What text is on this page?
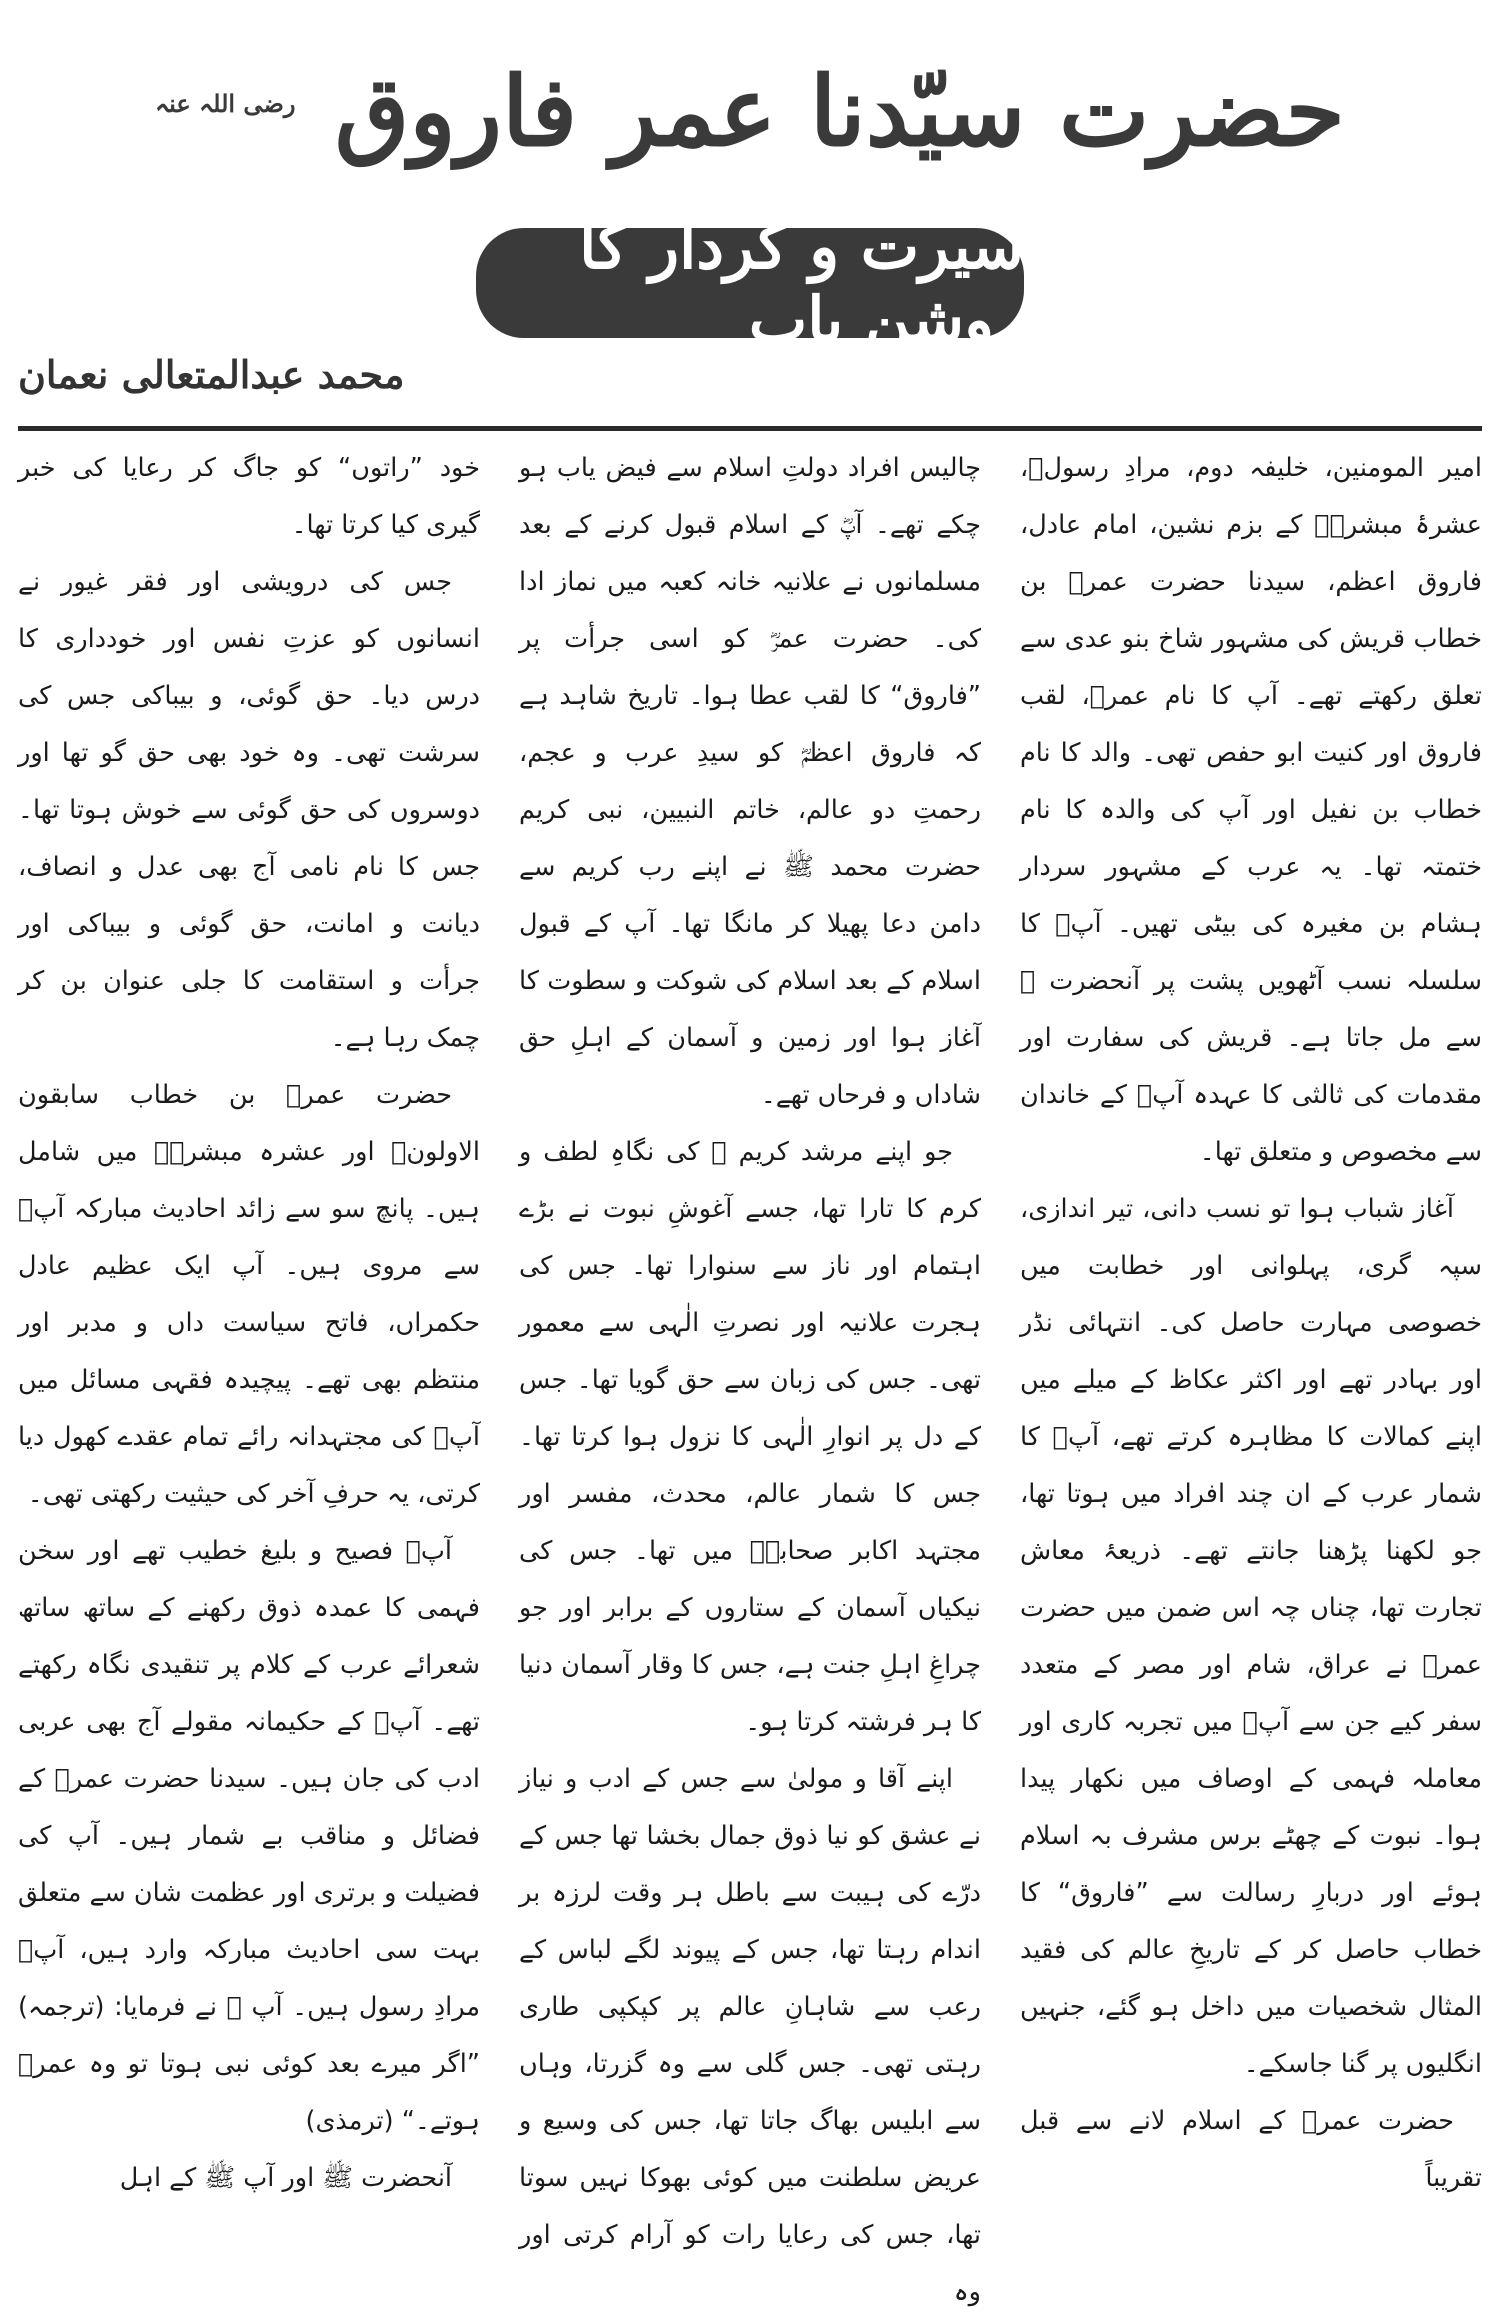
حضرت سیّدنا عمر فاروق $^{رضی اللہ عنہ}$
سیرت و کردار کا روشن باب
محمد عبدالمتعالی نعمان

امیر المومنین، خلیفہ دوم، مرادِ رسولؐ، عشرۂ مبشرہؓ کے بزم نشین، امام عادل، فاروق اعظم، سیدنا حضرت عمرؓ بن خطاب قریش کی مشہور شاخ بنو عدی سے تعلق رکھتے تھے۔ آپ کا نام عمرؓ، لقب فاروق اور کنیت ابو حفص تھی۔ والد کا نام خطاب بن نفیل اور آپ کی والدہ کا نام ختمتہ تھا۔ یہ عرب کے مشہور سردار ہشام بن مغیرہ کی بیٹی تھیں۔ آپؓ کا سلسلہ نسب آٹھویں پشت پر آنحضرت ﷺ سے مل جاتا ہے۔ قریش کی سفارت اور مقدمات کی ثالثی کا عہدہ آپؓ کے خاندان سے مخصوص و متعلق تھا۔

آغاز شباب ہوا تو نسب دانی، تیر اندازی، سپہ گری، پہلوانی اور خطابت میں خصوصی مہارت حاصل کی۔ انتہائی نڈر اور بہادر تھے اور اکثر عکاظ کے میلے میں اپنے کمالات کا مظاہرہ کرتے تھے، آپؓ کا شمار عرب کے ان چند افراد میں ہوتا تھا، جو لکھنا پڑھنا جانتے تھے۔ ذریعۂ معاش تجارت تھا، چناں چہ اس ضمن میں حضرت عمرؓ نے عراق، شام اور مصر کے متعدد سفر کیے جن سے آپؓ میں تجربہ کاری اور معاملہ فہمی کے اوصاف میں نکھار پیدا ہوا۔ نبوت کے چھٹے برس مشرف بہ اسلام ہوئے اور دربارِ رسالت سے ”فاروق“ کا خطاب حاصل کر کے تاریخِ عالم کی فقید المثال شخصیات میں داخل ہو گئے، جنہیں انگلیوں پر گنا جاسکے۔

حضرت عمرؓ کے اسلام لانے سے قبل تقریباً

چالیس افراد دولتِ اسلام سے فیض یاب ہو چکے تھے۔ آپؓ کے اسلام قبول کرنے کے بعد مسلمانوں نے علانیہ خانہ کعبہ میں نماز ادا کی۔ حضرت عمرؓ کو اسی جرأت پر ”فاروق“ کا لقب عطا ہوا۔ تاریخ شاہد ہے کہ فاروق اعظمؓ کو سیدِ عرب و عجم، رحمتِ دو عالم، خاتم النبیین، نبی کریم حضرت محمد ﷺ نے اپنے رب کریم سے دامن دعا پھیلا کر مانگا تھا۔ آپ کے قبول اسلام کے بعد اسلام کی شوکت و سطوت کا آغاز ہوا اور زمین و آسمان کے اہلِ حق شاداں و فرحاں تھے۔

جو اپنے مرشد کریم ﷺ کی نگاہِ لطف و کرم کا تارا تھا، جسے آغوشِ نبوت نے بڑے اہتمام اور ناز سے سنوارا تھا۔ جس کی ہجرت علانیہ اور نصرتِ الٰہی سے معمور تھی۔ جس کی زبان سے حق گویا تھا۔ جس کے دل پر انوارِ الٰہی کا نزول ہوا کرتا تھا۔ جس کا شمار عالم، محدث، مفسر اور مجتہد اکابر صحابہؓ میں تھا۔ جس کی نیکیاں آسمان کے ستاروں کے برابر اور جو چراغِ اہلِ جنت ہے، جس کا وقار آسمان دنیا کا ہر فرشتہ کرتا ہو۔

اپنے آقا و مولیٰ سے جس کے ادب و نیاز نے عشق کو نیا ذوق جمال بخشا تھا جس کے درّے کی ہیبت سے باطل ہر وقت لرزہ بر اندام رہتا تھا، جس کے پیوند لگے لباس کے رعب سے شاہانِ عالم پر کپکپی طاری رہتی تھی۔ جس گلی سے وہ گزرتا، وہاں سے ابلیس بھاگ جاتا تھا، جس کی وسیع و عریض سلطنت میں کوئی بھوکا نہیں سوتا تھا، جس کی رعایا رات کو آرام کرتی اور وہ

خود ”راتوں“ کو جاگ کر رعایا کی خبر گیری کیا کرتا تھا۔

جس کی درویشی اور فقر غیور نے انسانوں کو عزتِ نفس اور خودداری کا درس دیا۔ حق گوئی، و بیباکی جس کی سرشت تھی۔ وہ خود بھی حق گو تھا اور دوسروں کی حق گوئی سے خوش ہوتا تھا۔ جس کا نام نامی آج بھی عدل و انصاف، دیانت و امانت، حق گوئی و بیباکی اور جرأت و استقامت کا جلی عنوان بن کر چمک رہا ہے۔

حضرت عمرؓ بن خطاب سابقون الاولونؓ اور عشرہ مبشرہؓ میں شامل ہیں۔ پانچ سو سے زائد احادیث مبارکہ آپؓ سے مروی ہیں۔ آپ ایک عظیم عادل حکمراں، فاتح سیاست داں و مدبر اور منتظم بھی تھے۔ پیچیدہ فقہی مسائل میں آپؓ کی مجتہدانہ رائے تمام عقدے کھول دیا کرتی، یہ حرفِ آخر کی حیثیت رکھتی تھی۔

آپؓ فصیح و بلیغ خطیب تھے اور سخن فہمی کا عمدہ ذوق رکھنے کے ساتھ ساتھ شعرائے عرب کے کلام پر تنقیدی نگاہ رکھتے تھے۔ آپؓ کے حکیمانہ مقولے آج بھی عربی ادب کی جان ہیں۔ سیدنا حضرت عمرؓ کے فضائل و مناقب بے شمار ہیں۔ آپ کی فضیلت و برتری اور عظمت شان سے متعلق بہت سی احادیث مبارکہ وارد ہیں، آپؓ مرادِ رسول ہیں۔ آپ ﷺ نے فرمایا: (ترجمہ) ”اگر میرے بعد کوئی نبی ہوتا تو وہ عمرؓ ہوتے۔“ (ترمذی)

آنحضرت ﷺ اور آپ ﷺ کے اہل
